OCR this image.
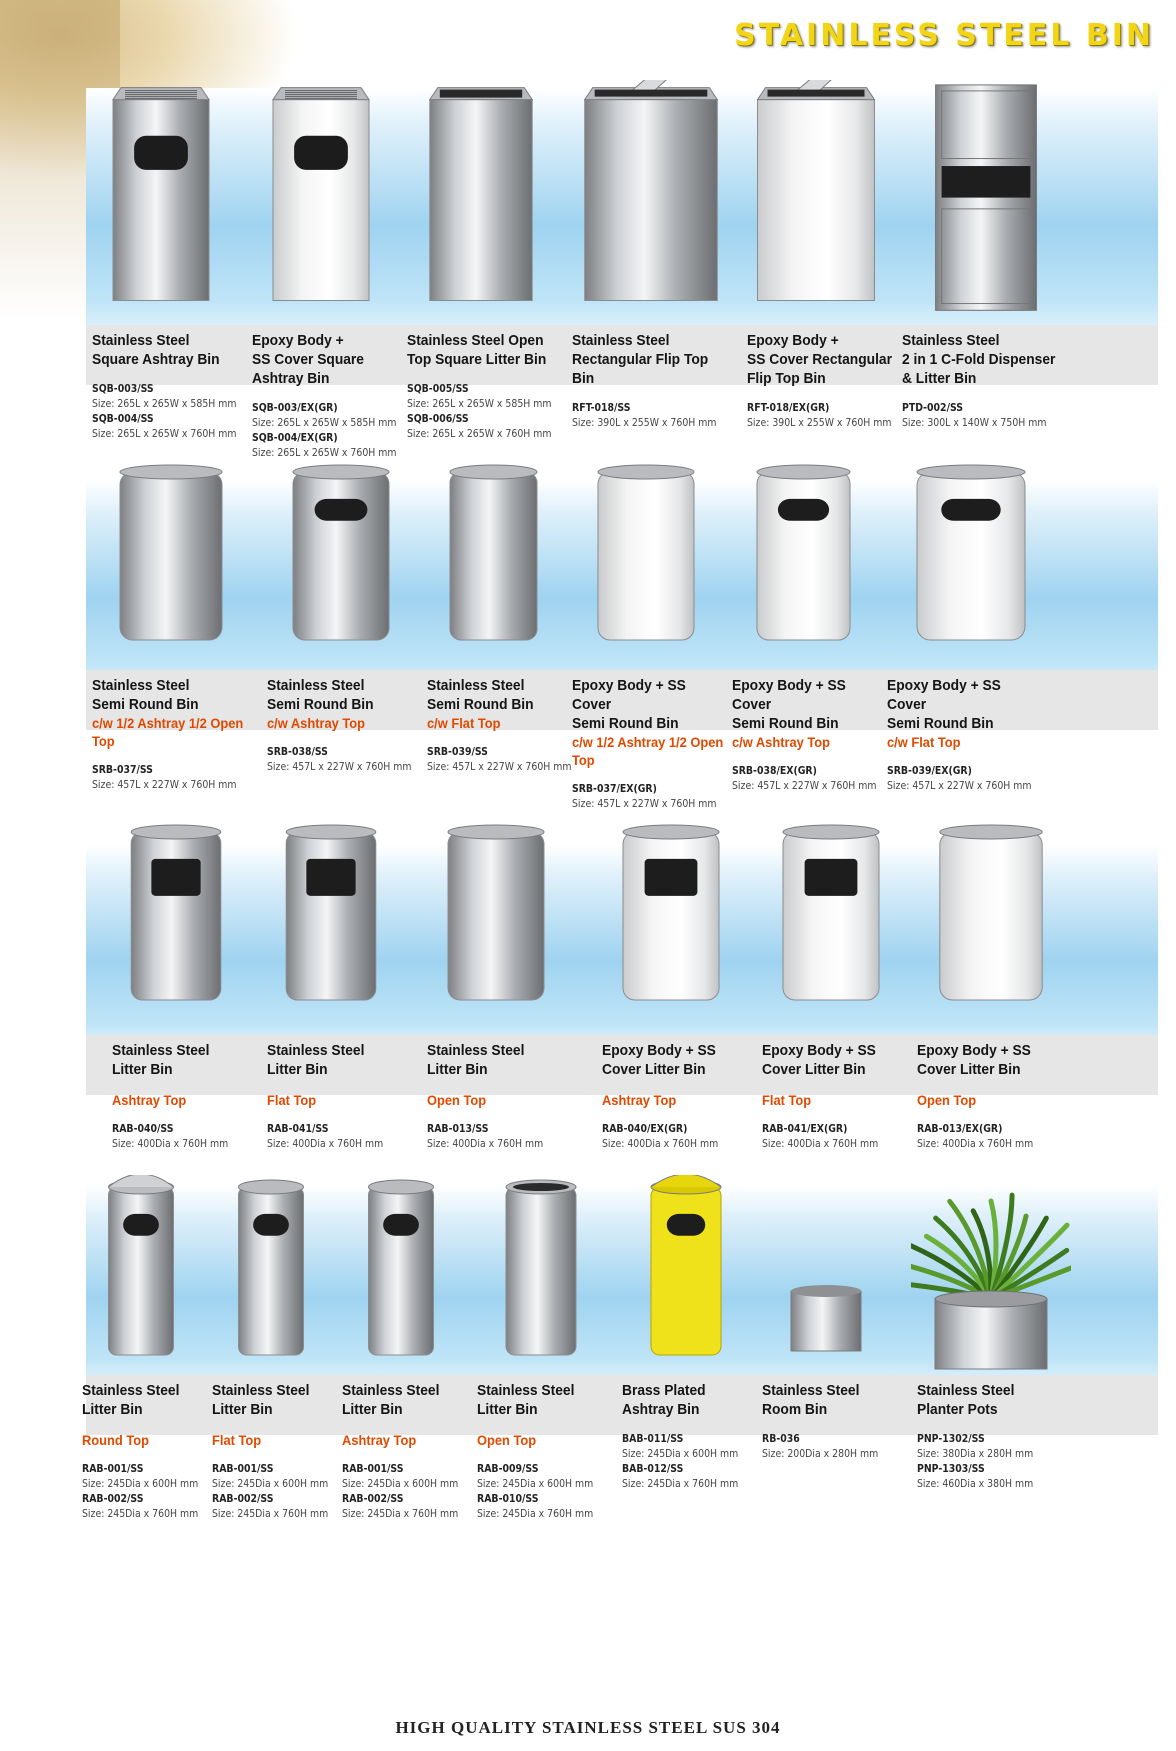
STAINLESS STEEL BIN
Stainless Steel
Square Ashtray Bin
SQB-003/SS
Size: 265L x 265W x 585H mm
SQB-004/SS
Size: 265L x 265W x 760H mm
Epoxy Body +
SS Cover Square
Ashtray Bin
SQB-003/EX(GR)
Size: 265L x 265W x 585H mm
SQB-004/EX(GR)
Size: 265L x 265W x 760H mm
Stainless Steel Open
Top Square Litter Bin
SQB-005/SS
Size: 265L x 265W x 585H mm
SQB-006/SS
Size: 265L x 265W x 760H mm
Stainless Steel
Rectangular Flip Top Bin
RFT-018/SS
Size: 390L x 255W x 760H mm
Epoxy Body +
SS Cover Rectangular
Flip Top Bin
RFT-018/EX(GR)
Size: 390L x 255W x 760H mm
Stainless Steel
2 in 1 C-Fold Dispenser
& Litter Bin
PTD-002/SS
Size: 300L x 140W x 750H mm
Stainless Steel
Semi Round Bin
c/w 1/2 Ashtray 1/2 Open Top
SRB-037/SS
Size: 457L x 227W x 760H mm
Stainless Steel
Semi Round Bin
c/w Ashtray Top
SRB-038/SS
Size: 457L x 227W x 760H mm
Stainless Steel
Semi Round Bin
c/w Flat Top
SRB-039/SS
Size: 457L x 227W x 760H mm
Epoxy Body + SS Cover
Semi Round Bin
c/w 1/2 Ashtray 1/2 Open Top
SRB-037/EX(GR)
Size: 457L x 227W x 760H mm
Epoxy Body + SS Cover
Semi Round Bin
c/w Ashtray Top
SRB-038/EX(GR)
Size: 457L x 227W x 760H mm
Epoxy Body + SS Cover
Semi Round Bin
c/w Flat Top
SRB-039/EX(GR)
Size: 457L x 227W x 760H mm
Stainless Steel
Litter Bin
Ashtray Top
RAB-040/SS
Size: 400Dia x 760H mm
Stainless Steel
Litter Bin
Flat Top
RAB-041/SS
Size: 400Dia x 760H mm
Stainless Steel
Litter Bin
Open Top
RAB-013/SS
Size: 400Dia x 760H mm
Epoxy Body + SS
Cover Litter Bin
Ashtray Top
RAB-040/EX(GR)
Size: 400Dia x 760H mm
Epoxy Body + SS
Cover Litter Bin
Flat Top
RAB-041/EX(GR)
Size: 400Dia x 760H mm
Epoxy Body + SS
Cover Litter Bin
Open Top
RAB-013/EX(GR)
Size: 400Dia x 760H mm
Stainless Steel
Litter Bin
Round Top
RAB-001/SS
Size: 245Dia x 600H mm
RAB-002/SS
Size: 245Dia x 760H mm
Stainless Steel
Litter Bin
Flat Top
RAB-001/SS
Size: 245Dia x 600H mm
RAB-002/SS
Size: 245Dia x 760H mm
Stainless Steel
Litter Bin
Ashtray Top
RAB-001/SS
Size: 245Dia x 600H mm
RAB-002/SS
Size: 245Dia x 760H mm
Stainless Steel
Litter Bin
Open Top
RAB-009/SS
Size: 245Dia x 600H mm
RAB-010/SS
Size: 245Dia x 760H mm
Brass Plated
Ashtray Bin
BAB-011/SS
Size: 245Dia x 600H mm
BAB-012/SS
Size: 245Dia x 760H mm
Stainless Steel
Room Bin
RB-036
Size: 200Dia x 280H mm
Stainless Steel
Planter Pots
PNP-1302/SS
Size: 380Dia x 280H mm
PNP-1303/SS
Size: 460Dia x 380H mm
HIGH QUALITY STAINLESS STEEL SUS 304
